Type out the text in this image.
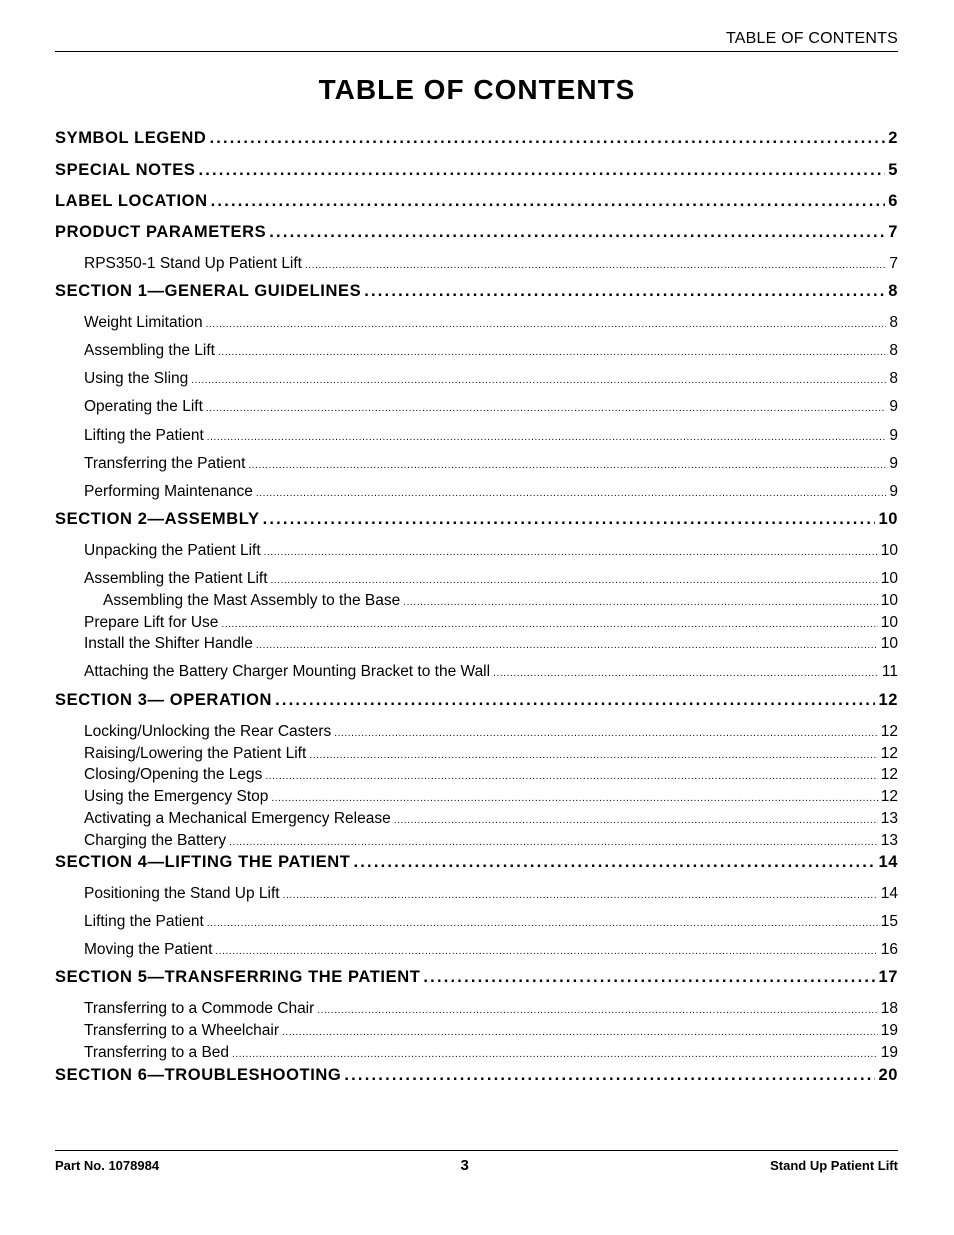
TABLE OF CONTENTS
TABLE OF CONTENTS
SYMBOL LEGEND .....	2
SPECIAL NOTES .....	5
LABEL LOCATION .....	6
PRODUCT PARAMETERS .....	7
RPS350-1 Stand Up Patient Lift .....	7
SECTION 1—GENERAL GUIDELINES .....	8
Weight Limitation .....	8
Assembling the Lift .....	8
Using the Sling .....	8
Operating the Lift .....	9
Lifting the Patient .....	9
Transferring the Patient .....	9
Performing Maintenance .....	9
SECTION 2—ASSEMBLY .....	10
Unpacking the Patient Lift .....	10
Assembling the Patient Lift .....	10
Assembling the Mast Assembly to the Base .....	10
Prepare Lift for Use .....	10
Install the Shifter Handle .....	10
Attaching the Battery Charger Mounting Bracket to the Wall .....	11
SECTION 3— OPERATION .....	12
Locking/Unlocking the Rear Casters .....	12
Raising/Lowering the Patient Lift .....	12
Closing/Opening the Legs .....	12
Using the Emergency Stop .....	12
Activating a Mechanical Emergency Release .....	13
Charging the Battery .....	13
SECTION 4—LIFTING THE PATIENT .....	14
Positioning the Stand Up Lift .....	14
Lifting the Patient .....	15
Moving the Patient .....	16
SECTION 5—TRANSFERRING THE PATIENT .....	17
Transferring to a Commode Chair .....	18
Transferring to a Wheelchair .....	19
Transferring to a Bed .....	19
SECTION 6—TROUBLESHOOTING .....	20
Part No. 1078984	3	Stand Up Patient Lift
